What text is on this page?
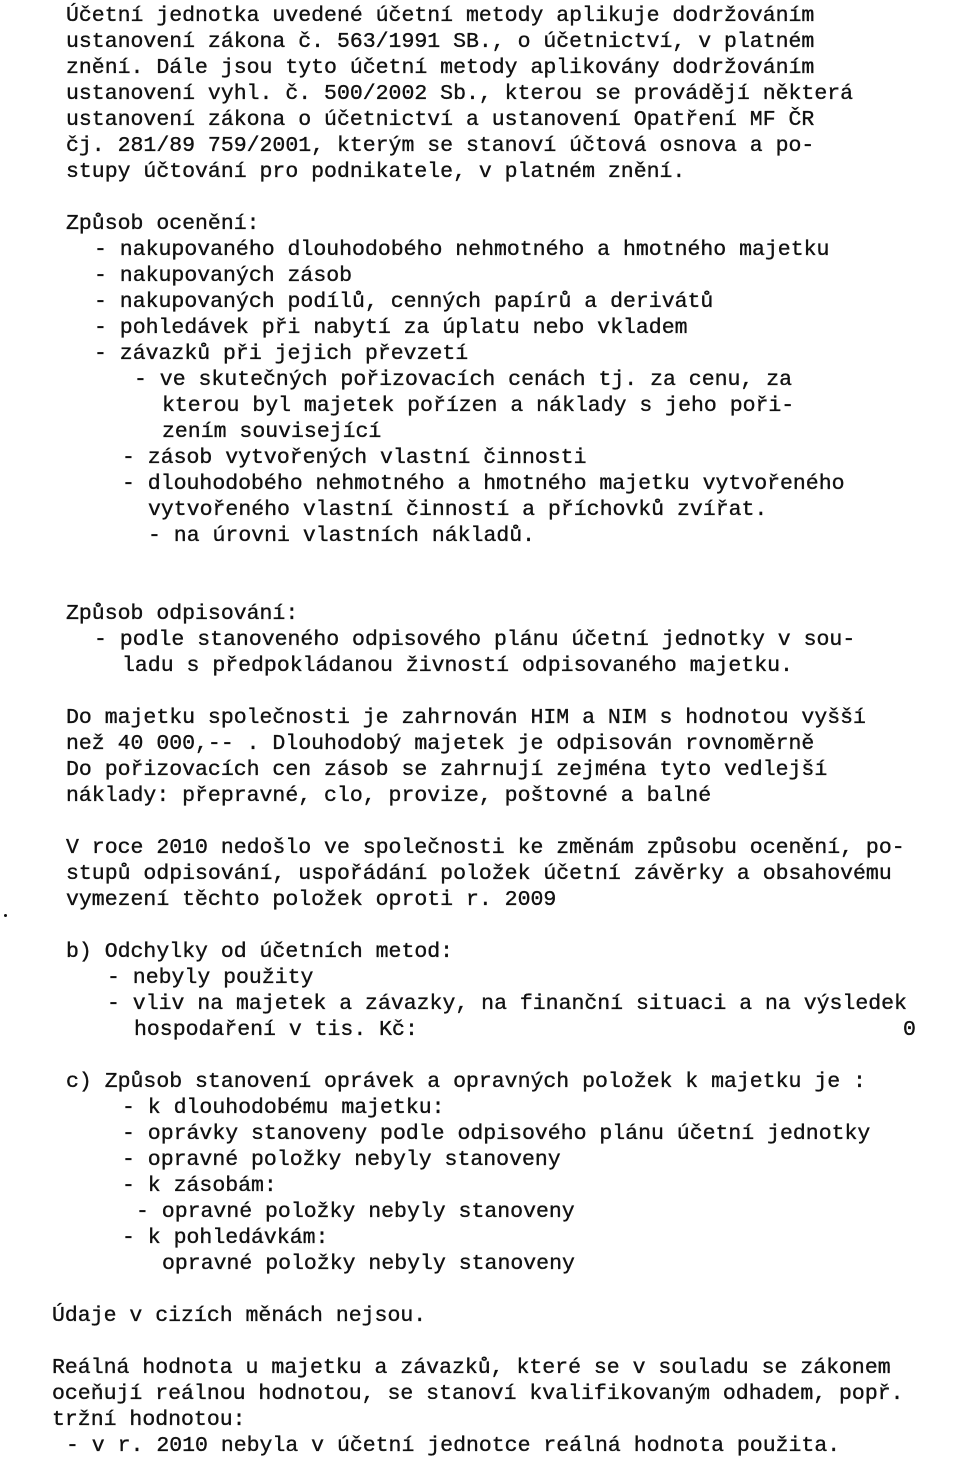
Účetní jednotka uvedené účetní metody aplikuje dodržováním

ustanovení zákona č. 563/1991 SB., o účetnictví, v platném

znění. Dále jsou tyto účetní metody aplikovány dodržováním

ustanovení vyhl. č. 500/2002 Sb., kterou se provádějí některá

ustanovení zákona o účetnictví a ustanovení Opatření MF ČR

čj. 281/89 759/2001, kterým se stanoví účtová osnova a po-

stupy účtování pro podnikatele, v platném znění.

Způsob ocenění:

- nakupovaného dlouhodobého nehmotného a hmotného majetku

- nakupovaných zásob

- nakupovaných podílů, cenných papírů a derivátů

- pohledávek při nabytí za úplatu nebo vkladem

- závazků při jejich převzetí

- ve skutečných pořizovacích cenách tj. za cenu, za

kterou byl majetek pořízen a náklady s jeho poři-

zením související

- zásob vytvořených vlastní činnosti

- dlouhodobého nehmotného a hmotného majetku vytvořeného

vytvořeného vlastní činností a příchovků zvířat.

- na úrovni vlastních nákladů.

Způsob odpisování:

- podle stanoveného odpisového plánu účetní jednotky v sou-

ladu s předpokládanou živností odpisovaného majetku.

Do majetku společnosti je zahrnován HIM a NIM s hodnotou vyšší

než 40 000,-- . Dlouhodobý majetek je odpisován rovnoměrně

Do pořizovacích cen zásob se zahrnují zejména tyto vedlejší

náklady: přepravné, clo, provize, poštovné a balné

V roce 2010 nedošlo ve společnosti ke změnám způsobu ocenění, po-

stupů odpisování, uspořádání položek účetní závěrky a obsahovému

vymezení těchto položek oproti r. 2009

b) Odchylky od účetních metod:

- nebyly použity

- vliv na majetek a závazky, na finanční situaci a na výsledek

hospodaření v tis. Kč:	0

c) Způsob stanovení oprávek a opravných položek k majetku je :

- k dlouhodobému majetku:

- oprávky stanoveny podle odpisového plánu účetní jednotky

- opravné položky nebyly stanoveny

- k zásobám:

- opravné položky nebyly stanoveny

- k pohledávkám:

opravné položky nebyly stanoveny

Údaje v cizích měnách nejsou.

Reálná hodnota u majetku a závazků, které se v souladu se zákonem

oceňují reálnou hodnotou, se stanoví kvalifikovaným odhadem, popř.

tržní hodnotou:

- v r. 2010 nebyla v účetní jednotce reálná hodnota použita.
